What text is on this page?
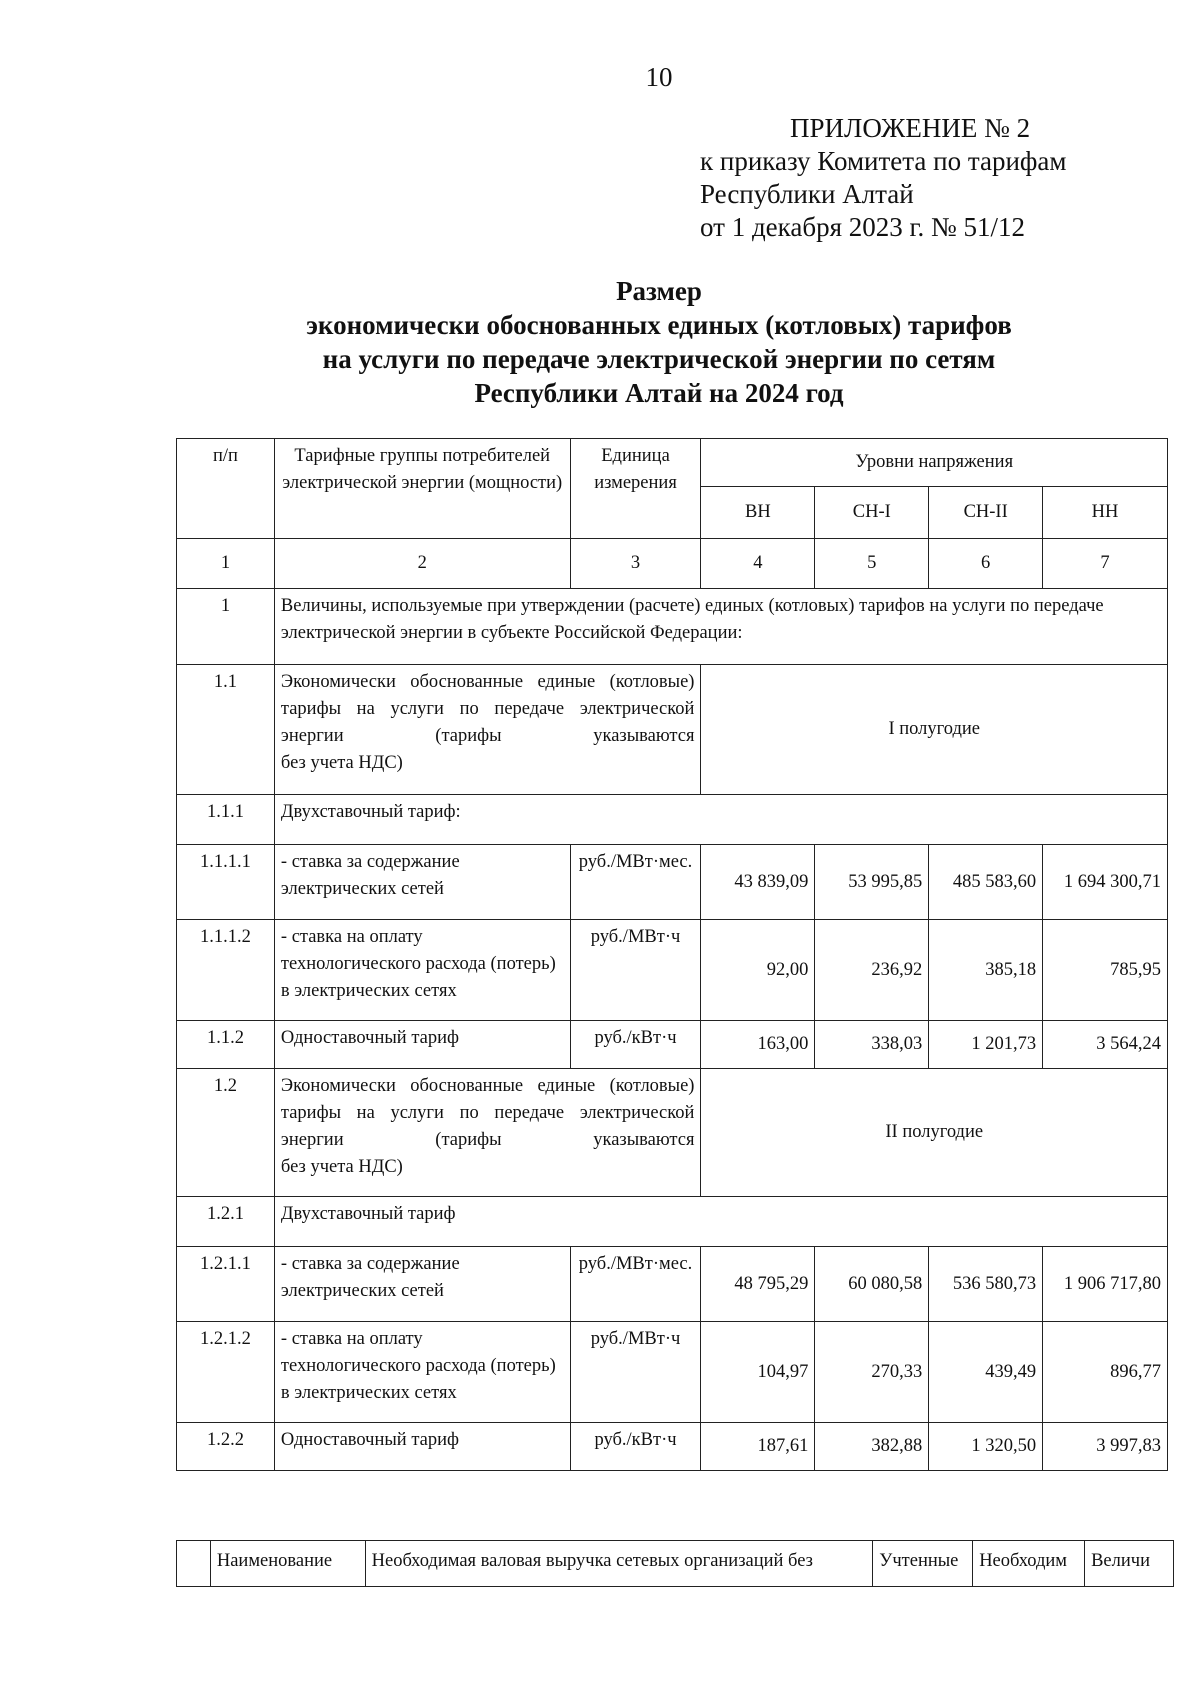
10
ПРИЛОЖЕНИЕ № 2
к приказу Комитета по тарифам
Республики Алтай
от 1 декабря 2023 г. № 51/12
Размер
экономически обоснованных единых (котловых) тарифов
на услуги по передаче электрической энергии по сетям
Республики Алтай на 2024 год
п/п	Тарифные группы потребителей электрической энергии (мощности)	Единица измерения	Уровни напряжения			
			ВН	СН-I	СН-II	НН
1	2	3	4	5	6	7
1	Величины, используемые при утверждении (расчете) единых (котловых) тарифов на услуги по передаче электрической энергии в субъекте Российской Федерации:					
1.1	Экономически обоснованные единые (котловые) тарифы на услуги по передаче электрической энергии (тарифы указываются
без учета НДС)		I полугодие			
1.1.1	Двухставочный тариф:					
1.1.1.1	- ставка за содержание электрических сетей	руб./МВт·мес.	43 839,09	53 995,85	485 583,60	1 694 300,71
1.1.1.2	- ставка на оплату технологического расхода (потерь) в электрических сетях	руб./МВт·ч	92,00	236,92	385,18	785,95
1.1.2	Одноставочный тариф	руб./кВт·ч	163,00	338,03	1 201,73	3 564,24
1.2	Экономически обоснованные единые (котловые) тарифы на услуги по передаче электрической энергии (тарифы указываются
без учета НДС)		II полугодие			
1.2.1	Двухставочный тариф					
1.2.1.1	- ставка за содержание электрических сетей	руб./МВт·мес.	48 795,29	60 080,58	536 580,73	1 906 717,80
1.2.1.2	- ставка на оплату технологического расхода (потерь) в электрических сетях	руб./МВт·ч	104,97	270,33	439,49	896,77
1.2.2	Одноставочный тариф	руб./кВт·ч	187,61	382,88	1 320,50	3 997,83
	Наименование	Необходимая валовая выручка сетевых организаций без	Учтенные	Необходим	Величи
